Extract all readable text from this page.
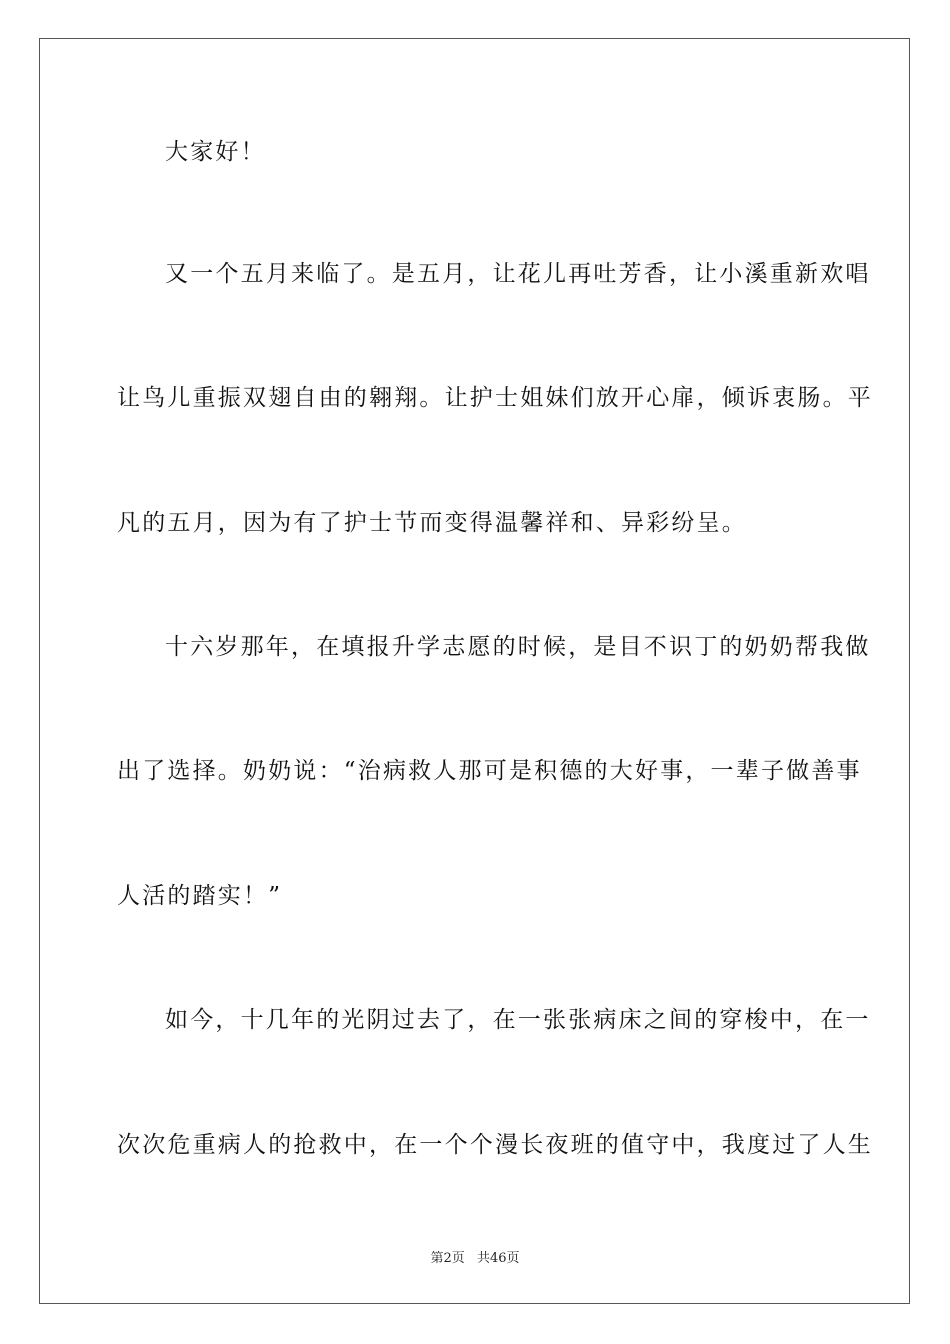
大家好！
又一个五月来临了。是五月，让花儿再吐芳香，让小溪重新欢唱
让鸟儿重振双翅自由的翱翔。让护士姐妹们放开心扉，倾诉衷肠。平
凡的五月，因为有了护士节而变得温馨祥和、异彩纷呈。
十六岁那年，在填报升学志愿的时候，是目不识丁的奶奶帮我做
出了选择。奶奶说：“治病救人那可是积德的大好事，一辈子做善事
人活的踏实！”
如今，十几年的光阴过去了，在一张张病床之间的穿梭中，在一
次次危重病人的抢救中，在一个个漫长夜班的值守中，我度过了人生
第2页 共46页
